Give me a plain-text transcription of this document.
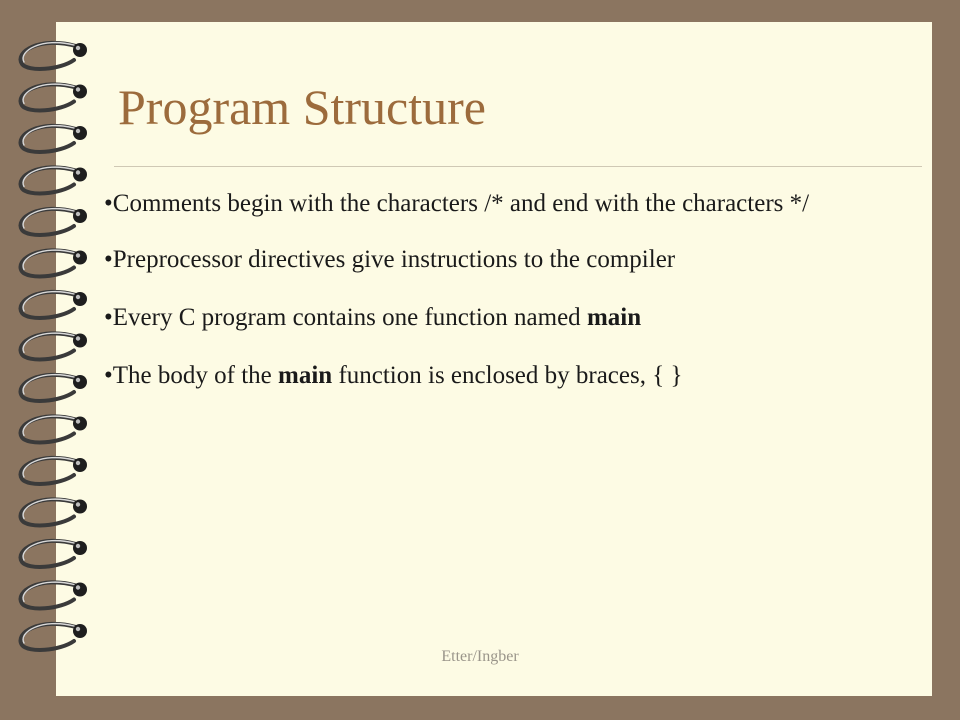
Program Structure

•Comments begin with the characters /* and end with the characters */

•Preprocessor directives give instructions to the compiler

•Every C program contains one function named main

•The body of the main function is enclosed by braces, { }

Etter/Ingber
